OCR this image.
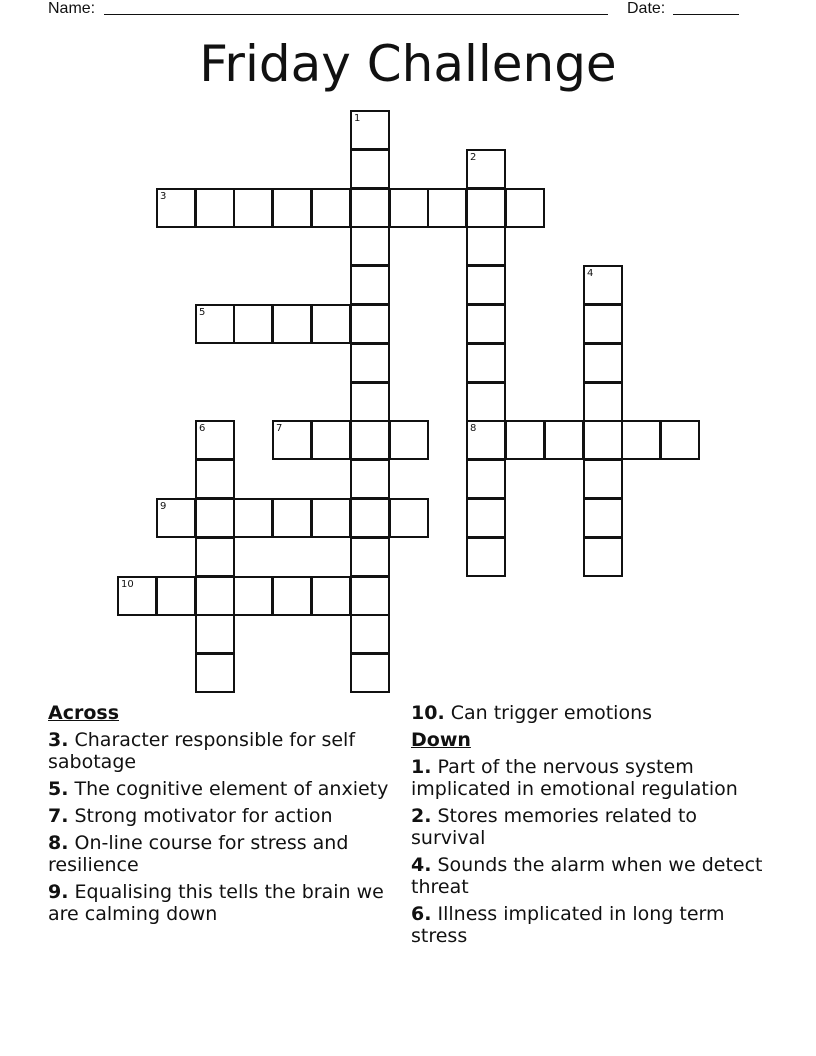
Name:	Date:
Friday Challenge
3
5
7	8
9
10
1
2
4
6
Across
3. Character responsible for self sabotage
5. The cognitive element of anxiety
7. Strong motivator for action
8. On-line course for stress and resilience
9. Equalising this tells the brain we are calming down
10. Can trigger emotions
Down
1. Part of the nervous system implicated in emotional regulation
2. Stores memories related to survival
4. Sounds the alarm when we detect threat
6. Illness implicated in long term stress
